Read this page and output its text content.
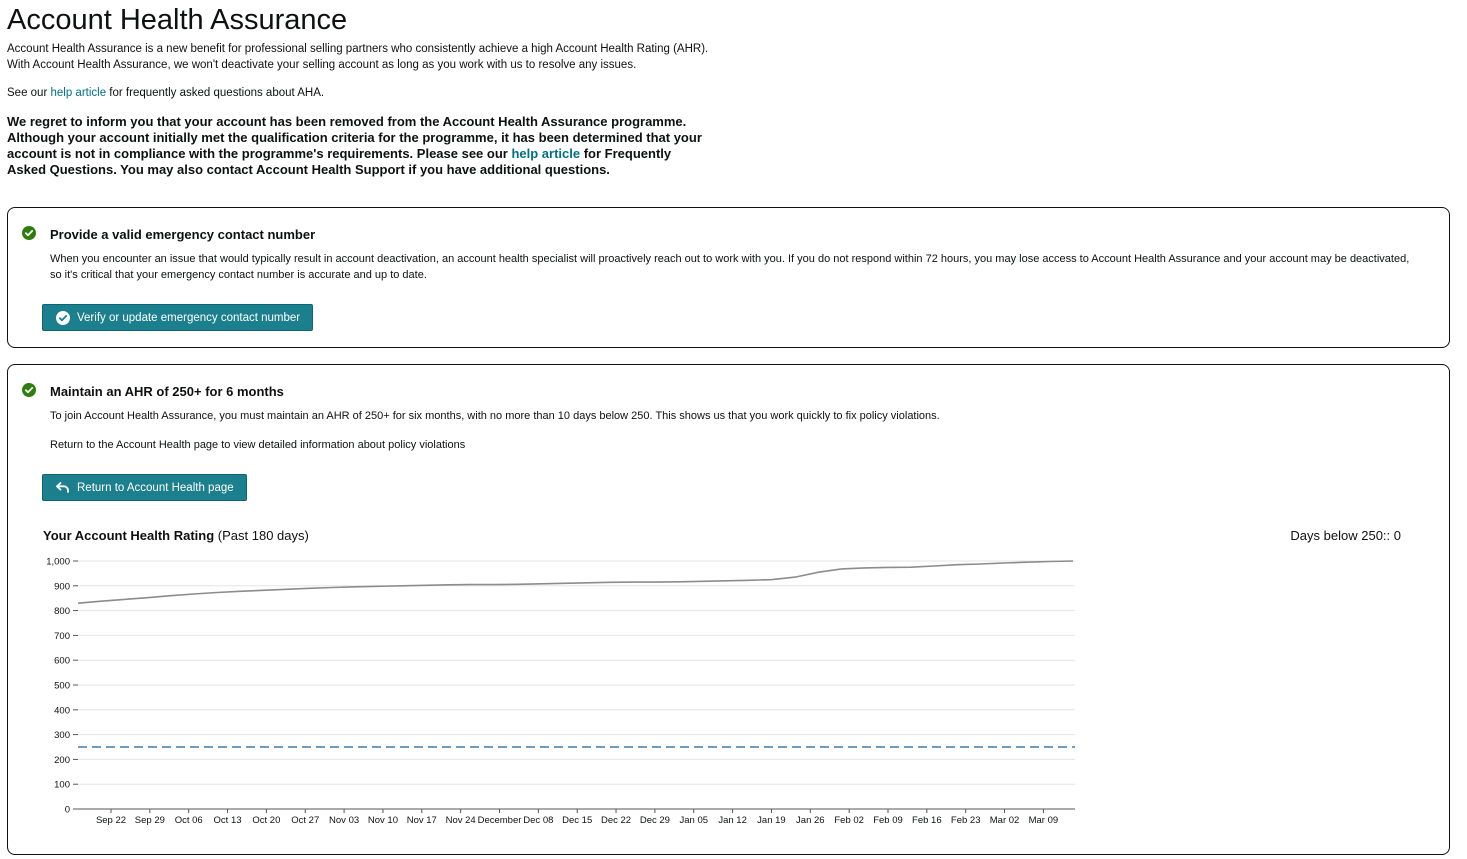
Account Health Assurance

Account Health Assurance is a new benefit for professional selling partners who consistently achieve a high Account Health Rating (AHR).

With Account Health Assurance, we won't deactivate your selling account as long as you work with us to resolve any issues.

See our help article for frequently asked questions about AHA.
We regret to inform you that your account has been removed from the Account Health Assurance programme. Although your account initially met the qualification criteria for the programme, it has been determined that your account is not in compliance with the programme's requirements. Please see our help article for Frequently Asked Questions. You may also contact Account Health Support if you have additional questions.
Provide a valid emergency contact number
When you encounter an issue that would typically result in account deactivation, an account health specialist will proactively reach out to work with you. If you do not respond within 72 hours, you may lose access to Account Health Assurance and your account may be deactivated, so it's critical that your emergency contact number is accurate and up to date.
Verify or update emergency contact number
Maintain an AHR of 250+ for 6 months
To join Account Health Assurance, you must maintain an AHR of 250+ for six months, with no more than 10 days below 250. This shows us that you work quickly to fix policy violations.
Return to the Account Health page to view detailed information about policy violations
Return to Account Health page
Your Account Health Rating (Past 180 days)	Days below 250:: 0
0
100
200
300
400
500
600
700
800
900
1,000
Sep 22 Sep 29 Oct 06 Oct 13 Oct 20 Oct 27 Nov 03 Nov 10 Nov 17 Nov 24 December Dec 08 Dec 15 Dec 22 Dec 29 Jan 05 Jan 12 Jan 19 Jan 26 Feb 02 Feb 09 Feb 16 Feb 23 Mar 02 Mar 09
